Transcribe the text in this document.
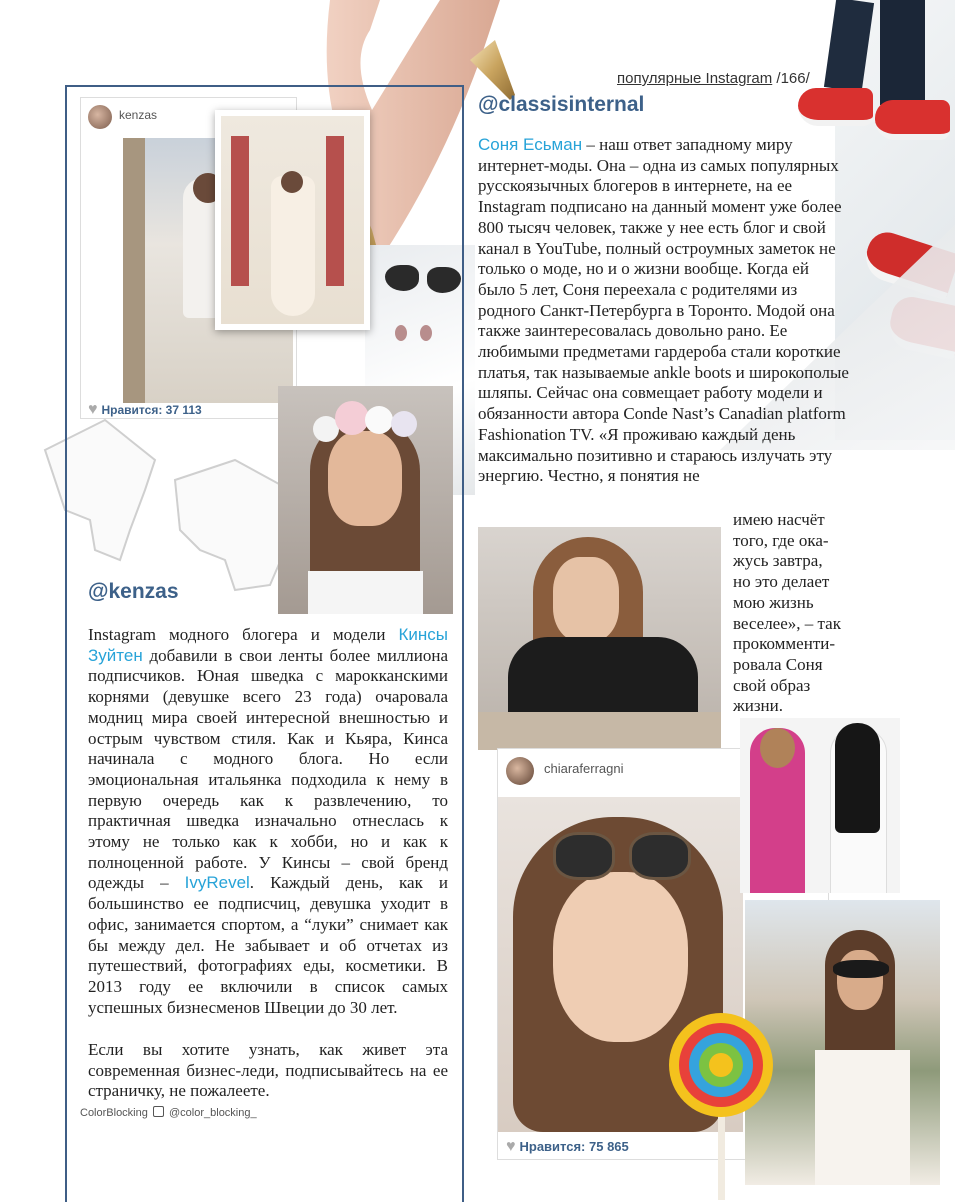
kenzas
♥ Нравится: 37 113
@kenzas
Instagram модного блогера и модели Кинсы Зуйтен добавили в свои ленты более миллиона подписчиков. Юная шведка с марокканскими корнями (девушке всего 23 года) очаровала модниц мира своей интересной внешностью и острым чувством стиля. Как и Кьяра, Кинса начинала с модного блога. Но если эмоциональная итальянка подходила к нему в первую очередь как к развлечению, то практичная шведка изначально отнеслась к этому не только как к хобби, но и как к полноценной работе. У Кинсы – свой бренд одежды – IvyRevel. Каждый день, как и большинство ее подписчиц, девушка уходит в офис, занимается спортом, а “луки” снимает как бы между дел. Не забывает и об отчетах из путешествий, фотографиях еды, косметики. В 2013 году ее включили в список самых успешных бизнесменов Швеции до 30 лет.
Если вы хотите узнать, как живет эта современная бизнес-леди, подписывайтесь на ее страничку, не пожалеете.
ColorBlocking @color_blocking_
популярные Instagram /166/
@classisinternal
Соня Есьман – наш ответ западному миру интернет-моды. Она – одна из самых популярных русскоязычных блогеров в интернете, на ее Instagram подписано на данный момент уже более 800 тысяч человек, также у нее есть блог и свой канал в YouTube, полный остроумных заметок не только о моде, но и о жизни вообще. Когда ей было 5 лет, Соня переехала с родителями из родного Санкт-Петербурга в Торонто. Модой она также заинтересовалась довольно рано. Ее любимыми предметами гардероба стали короткие платья, так называемые ankle boots и широкополые шляпы. Сейчас она совмещает работу модели и обязанности автора Conde Nast’s Canadian platform Fashionation TV. «Я проживаю каждый день максимально позитивно и стараюсь излучать эту энергию. Честно, я понятия не
имею насчёт
того, где ока-
жусь завтра,
но это делает
мою жизнь
веселее», – так
прокомменти-
ровала Соня
свой образ
жизни.
chiaraferragni
♥ Нравится: 75 865
